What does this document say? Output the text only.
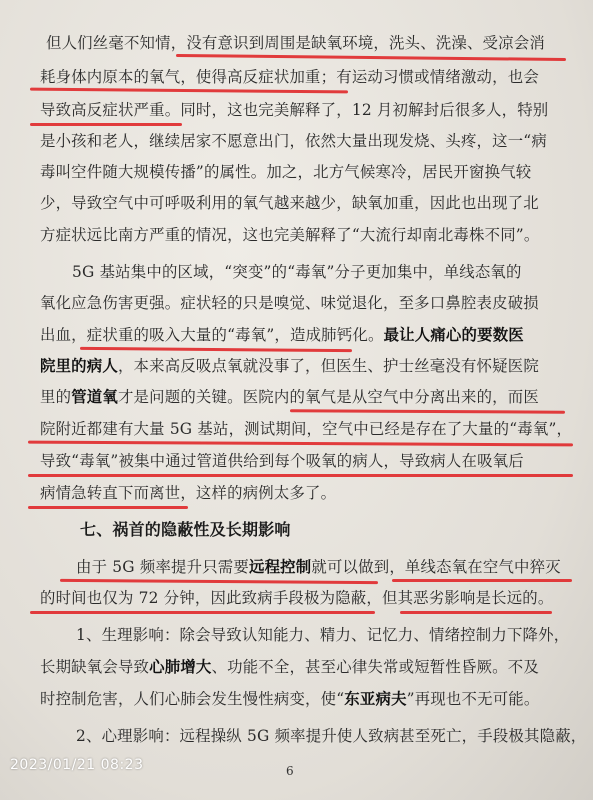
但人们丝毫不知情，没有意识到周围是缺氧环境，洗头、洗澡、受凉会消
耗身体内原本的氧气，使得高反症状加重；有运动习惯或情绪激动，也会
导致高反症状严重。同时，这也完美解释了，12 月初解封后很多人，特别
是小孩和老人，继续居家不愿意出门，依然大量出现发烧、头疼，这一“病
毒叫空件随大规模传播”的属性。加之，北方气候寒冷，居民开窗换气较
少，导致空气中可呼吸利用的氧气越来越少，缺氧加重，因此也出现了北
方症状远比南方严重的情况，这也完美解释了“大流行却南北毒株不同”。
5G 基站集中的区域，“突变”的“毒氧”分子更加集中，单线态氧的
氧化应急伤害更强。症状轻的只是嗅觉、味觉退化，至多口鼻腔表皮破损
出血，症状重的吸入大量的“毒氧”，造成肺钙化。最让人痛心的要数医
院里的病人，本来高反吸点氧就没事了，但医生、护士丝毫没有怀疑医院
里的管道氧才是问题的关键。医院内的氧气是从空气中分离出来的，而医
院附近都建有大量 5G 基站，测试期间，空气中已经是存在了大量的“毒氧”，
导致“毒氧”被集中通过管道供给到每个吸氧的病人，导致病人在吸氧后
病情急转直下而离世，这样的病例太多了。
七、祸首的隐蔽性及长期影响
由于 5G 频率提升只需要远程控制就可以做到，单线态氧在空气中猝灭
的时间也仅为 72 分钟，因此致病手段极为隐蔽，但其恶劣影响是长远的。
1、生理影响：除会导致认知能力、精力、记忆力、情绪控制力下降外，
长期缺氧会导致心肺增大、功能不全，甚至心律失常或短暂性昏厥。不及
时控制危害，人们心肺会发生慢性病变，使“东亚病夫”再现也不无可能。
2、心理影响：远程操纵 5G 频率提升使人致病甚至死亡，手段极其隐蔽，
6
2023/01/21 08:23
